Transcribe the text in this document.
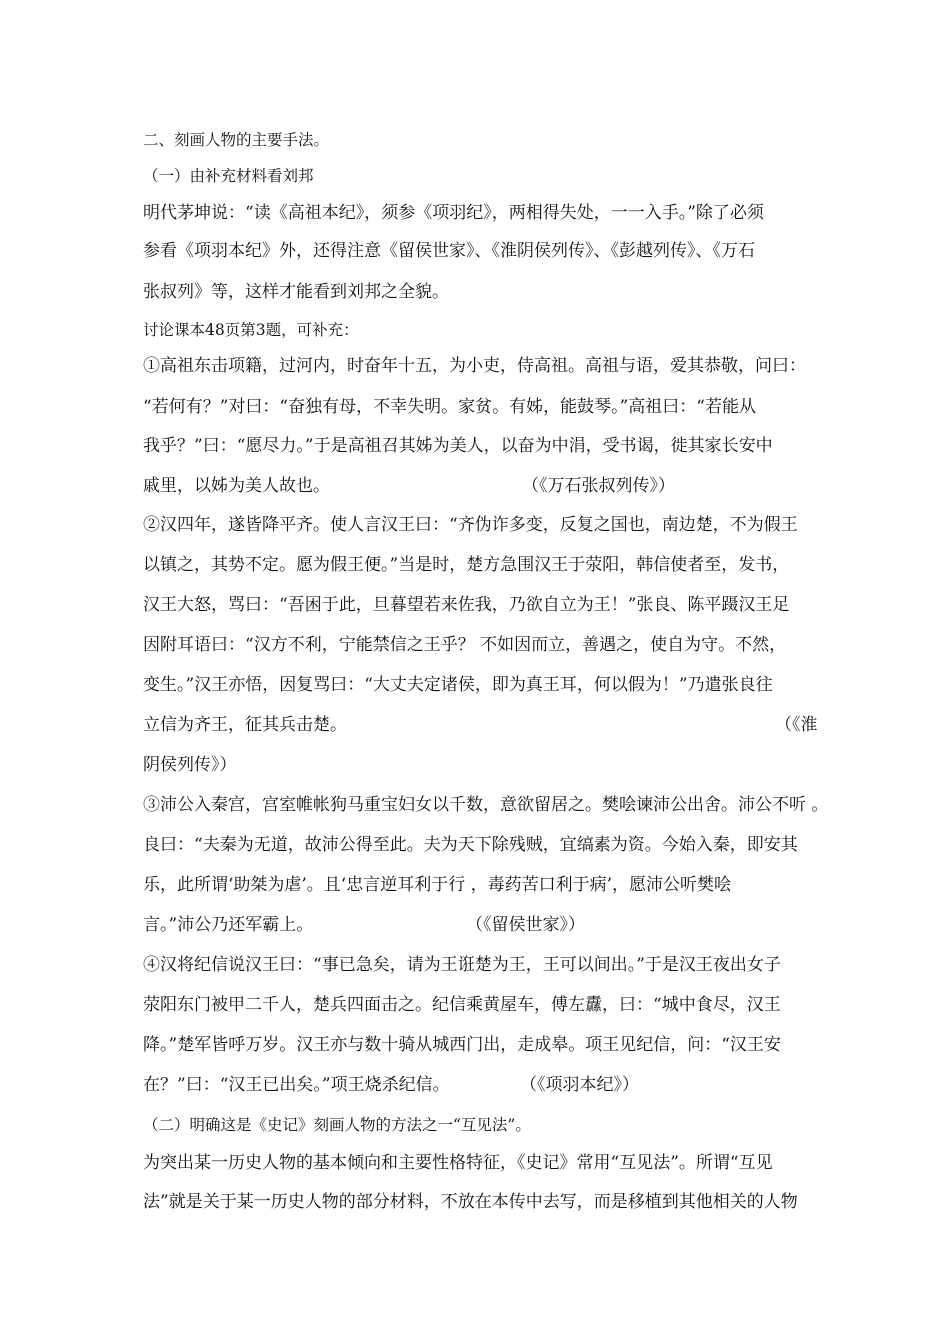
二、刻画人物的主要手法。
（一）由补充材料看刘邦
明代茅坤说：“读《高祖本纪》，须参《项羽纪》，两相得失处，一一入手。”除了必须
参看《项羽本纪》外，还得注意《留侯世家》、《淮阴侯列传》、《彭越列传》、《万石
张叔列》等，这样才能看到刘邦之全貌。
讨论课本48页第3题，可补充：
①高祖东击项籍，过河内，时奋年十五，为小吏，侍高祖。高祖与语，爱其恭敬，问曰：
“若何有？”对曰：“奋独有母，不幸失明。家贫。有姊，能鼓琴。”高祖曰：“若能从
我乎？”曰：“愿尽力。”于是高祖召其姊为美人，以奋为中涓，受书谒，徙其家长安中
戚里，以姊为美人故也。	（《万石张叔列传》）
②汉四年，遂皆降平齐。使人言汉王曰：“齐伪诈多变，反复之国也，南边楚，不为假王
以镇之，其势不定。愿为假王便。”当是时，楚方急围汉王于荥阳，韩信使者至，发书，
汉王大怒，骂曰：“吾困于此，旦暮望若来佐我，乃欲自立为王！”张良、陈平蹑汉王足
因附耳语曰：“汉方不利，宁能禁信之王乎？ 不如因而立，善遇之，使自为守。不然，
变生。”汉王亦悟，因复骂曰：“大丈夫定诸侯，即为真王耳，何以假为！”乃遣张良往
立信为齐王，征其兵击楚。
阴侯列传》）
（《淮
③沛公入秦宫，宫室帷帐狗马重宝妇女以千数，意欲留居之。樊哙谏沛公出舍。沛公不听 。
良曰：“夫秦为无道，故沛公得至此。夫为天下除残贼，宜缟素为资。今始入秦，即安其
乐，此所谓‘助桀为虐’。且‘忠言逆耳利于行 ，毒药苦口利于病’，愿沛公听樊哙
言。”沛公乃还军霸上。	（《留侯世家》）
④汉将纪信说汉王曰：“事已急矣，请为王诳楚为王，王可以间出。”于是汉王夜出女子
荥阳东门被甲二千人，楚兵四面击之。纪信乘黄屋车，傅左纛，曰：“城中食尽，汉王
降。”楚军皆呼万岁。汉王亦与数十骑从城西门出，走成皋。项王见纪信，问：“汉王安
在？”曰：“汉王已出矣。”项王烧杀纪信。	（《项羽本纪》）
（二）明确这是《史记》刻画人物的方法之一“互见法”。
为突出某一历史人物的基本倾向和主要性格特征，《史记》常用“互见法”。所谓“互见
法”就是关于某一历史人物的部分材料，不放在本传中去写，而是移植到其他相关的人物
